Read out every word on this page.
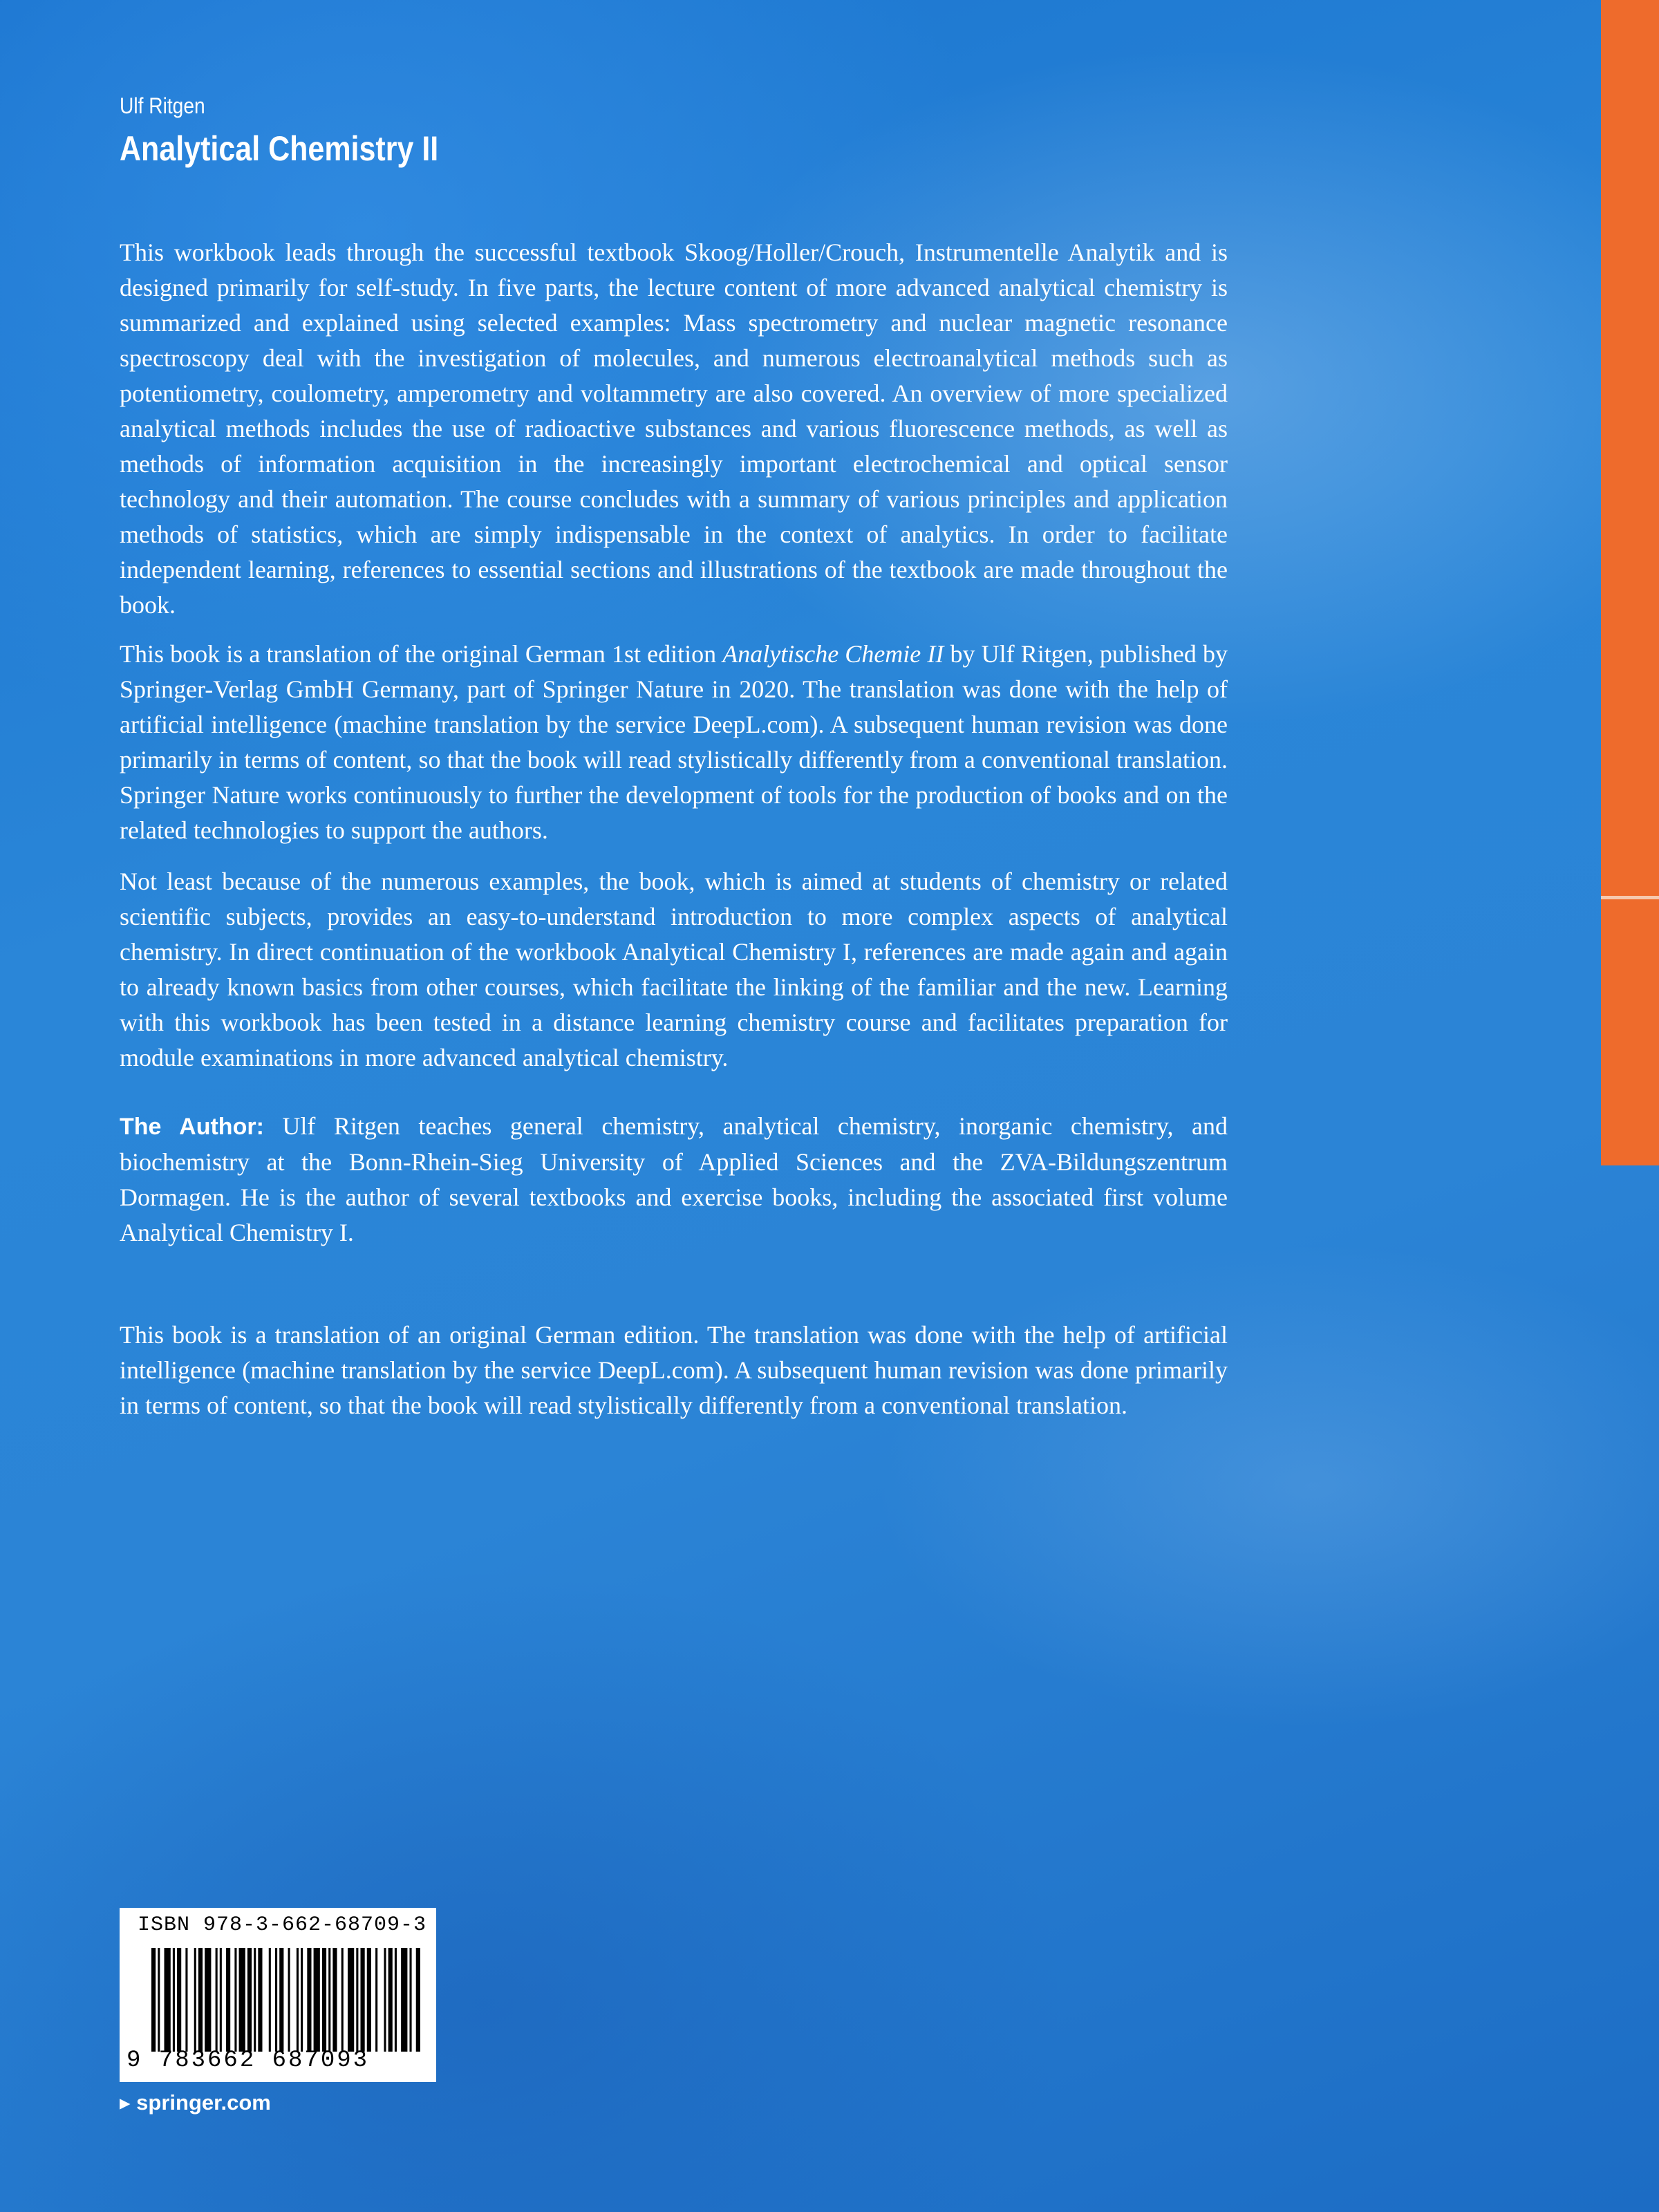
Ulf Ritgen
Analytical Chemistry II
This workbook leads through the successful textbook Skoog/Holler/Crouch, Instrumentelle Analytik and is designed primarily for self-study. In five parts, the lecture content of more advanced analytical chemistry is summarized and explained using selected examples: Mass spectrometry and nuclear magnetic resonance spectroscopy deal with the investigation of molecules, and numerous electroanalytical methods such as potentiometry, coulometry, amperometry and voltammetry are also covered. An overview of more specialized analytical methods includes the use of radioactive substances and various fluorescence methods, as well as methods of information acquisition in the increasingly important electrochemical and optical sensor technology and their automation. The course concludes with a summary of various principles and application methods of statistics, which are simply indispensable in the context of analytics. In order to facilitate independent learning, references to essential sections and illustrations of the textbook are made throughout the book.
This book is a translation of the original German 1st edition Analytische Chemie II by Ulf Ritgen, published by Springer-Verlag GmbH Germany, part of Springer Nature in 2020. The translation was done with the help of artificial intelligence (machine translation by the service DeepL.com). A subsequent human revision was done primarily in terms of content, so that the book will read stylistically differently from a conventional translation. Springer Nature works continuously to further the development of tools for the production of books and on the related technologies to support the authors.
Not least because of the numerous examples, the book, which is aimed at students of chemistry or related scientific subjects, provides an easy-to-understand introduction to more complex aspects of analytical chemistry. In direct continuation of the workbook Analytical Chemistry I, references are made again and again to already known basics from other courses, which facilitate the linking of the familiar and the new. Learning with this workbook has been tested in a distance learning chemistry course and facilitates preparation for module examinations in more advanced analytical chemistry.
The Author: Ulf Ritgen teaches general chemistry, analytical chemistry, inorganic chemistry, and biochemistry at the Bonn-Rhein-Sieg University of Applied Sciences and the ZVA-Bildungszentrum Dormagen. He is the author of several textbooks and exercise books, including the associated first volume Analytical Chemistry I.
This book is a translation of an original German edition. The translation was done with the help of artificial intelligence (machine translation by the service DeepL.com). A subsequent human revision was done primarily in terms of content, so that the book will read stylistically differently from a conventional translation.
ISBN 978-3-662-68709-3
9 783662 687093
▸ springer.com
